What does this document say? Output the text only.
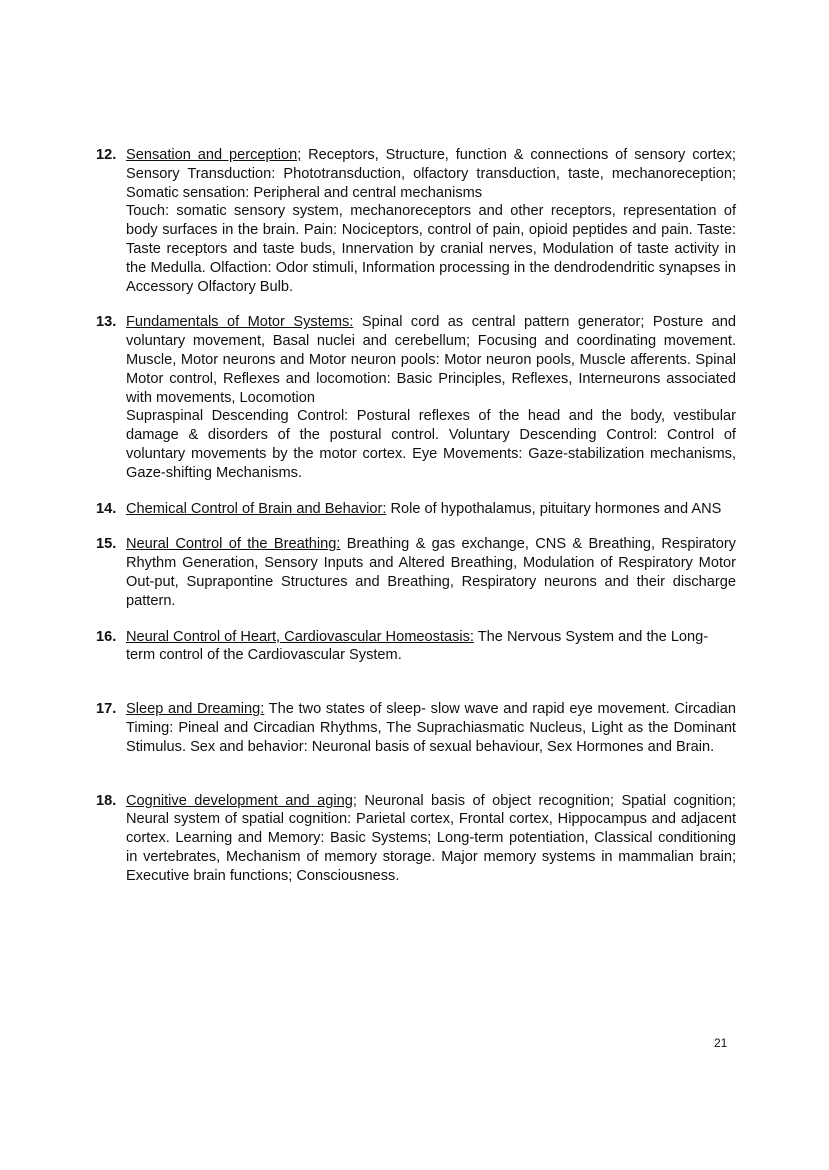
12. Sensation and perception; Receptors, Structure, function & connections of sensory cortex; Sensory Transduction: Phototransduction, olfactory transduction, taste, mechanoreception; Somatic sensation: Peripheral and central mechanisms

Touch: somatic sensory system, mechanoreceptors and other receptors, representation of body surfaces in the brain. Pain: Nociceptors, control of pain, opioid peptides and pain. Taste: Taste receptors and taste buds, Innervation by cranial nerves, Modulation of taste activity in the Medulla. Olfaction: Odor stimuli, Information processing in the dendrodendritic synapses in Accessory Olfactory Bulb.

13. Fundamentals of Motor Systems: Spinal cord as central pattern generator; Posture and voluntary movement, Basal nuclei and cerebellum; Focusing and coordinating movement. Muscle, Motor neurons and Motor neuron pools: Motor neuron pools, Muscle afferents. Spinal Motor control, Reflexes and locomotion: Basic Principles, Reflexes, Interneurons associated with movements, Locomotion

Supraspinal Descending Control: Postural reflexes of the head and the body, vestibular damage & disorders of the postural control. Voluntary Descending Control: Control of voluntary movements by the motor cortex. Eye Movements: Gaze-stabilization mechanisms, Gaze-shifting Mechanisms.

14. Chemical Control of Brain and Behavior: Role of hypothalamus, pituitary hormones and ANS

15. Neural Control of the Breathing: Breathing & gas exchange, CNS & Breathing, Respiratory Rhythm Generation, Sensory Inputs and Altered Breathing, Modulation of Respiratory Motor Out-put, Suprapontine Structures and Breathing, Respiratory neurons and their discharge pattern.

16. Neural Control of Heart, Cardiovascular Homeostasis: The Nervous System and the Long-term control of the Cardiovascular System.

17. Sleep and Dreaming: The two states of sleep- slow wave and rapid eye movement. Circadian Timing: Pineal and Circadian Rhythms, The Suprachiasmatic Nucleus, Light as the Dominant Stimulus. Sex and behavior: Neuronal basis of sexual behaviour, Sex Hormones and Brain.

18. Cognitive development and aging; Neuronal basis of object recognition; Spatial cognition; Neural system of spatial cognition: Parietal cortex, Frontal cortex, Hippocampus and adjacent cortex. Learning and Memory: Basic Systems; Long-term potentiation, Classical conditioning in vertebrates, Mechanism of memory storage. Major memory systems in mammalian brain; Executive brain functions; Consciousness.

21
